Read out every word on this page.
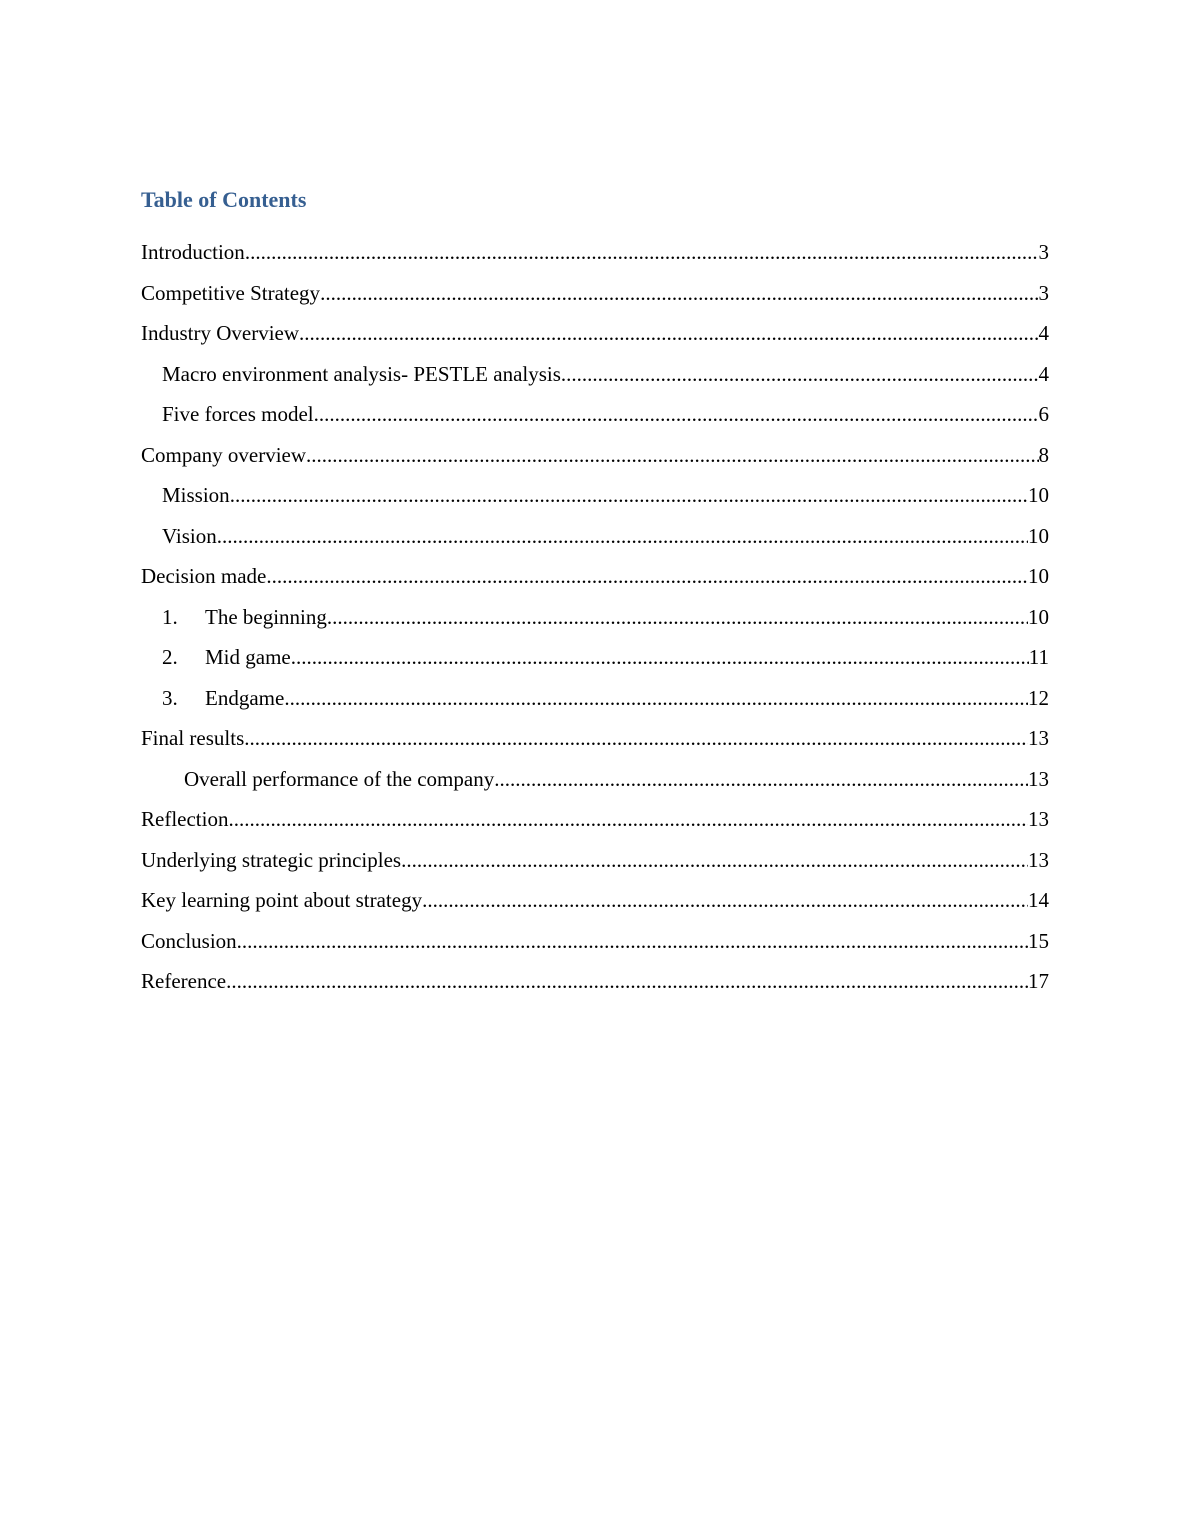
Table of Contents
Introduction .....	3
Competitive Strategy .....	3
Industry Overview .....	4
Macro environment analysis- PESTLE analysis .....	4
Five forces model .....	6
Company overview .....	8
Mission .....	10
Vision .....	10
Decision made .....	10
1.	The beginning .....	10
2.	Mid game .....	11
3.	Endgame .....	12
Final results .....	13
Overall performance of the company .....	13
Reflection .....	13
Underlying strategic principles .....	13
Key learning point about strategy .....	14
Conclusion .....	15
Reference .....	17
